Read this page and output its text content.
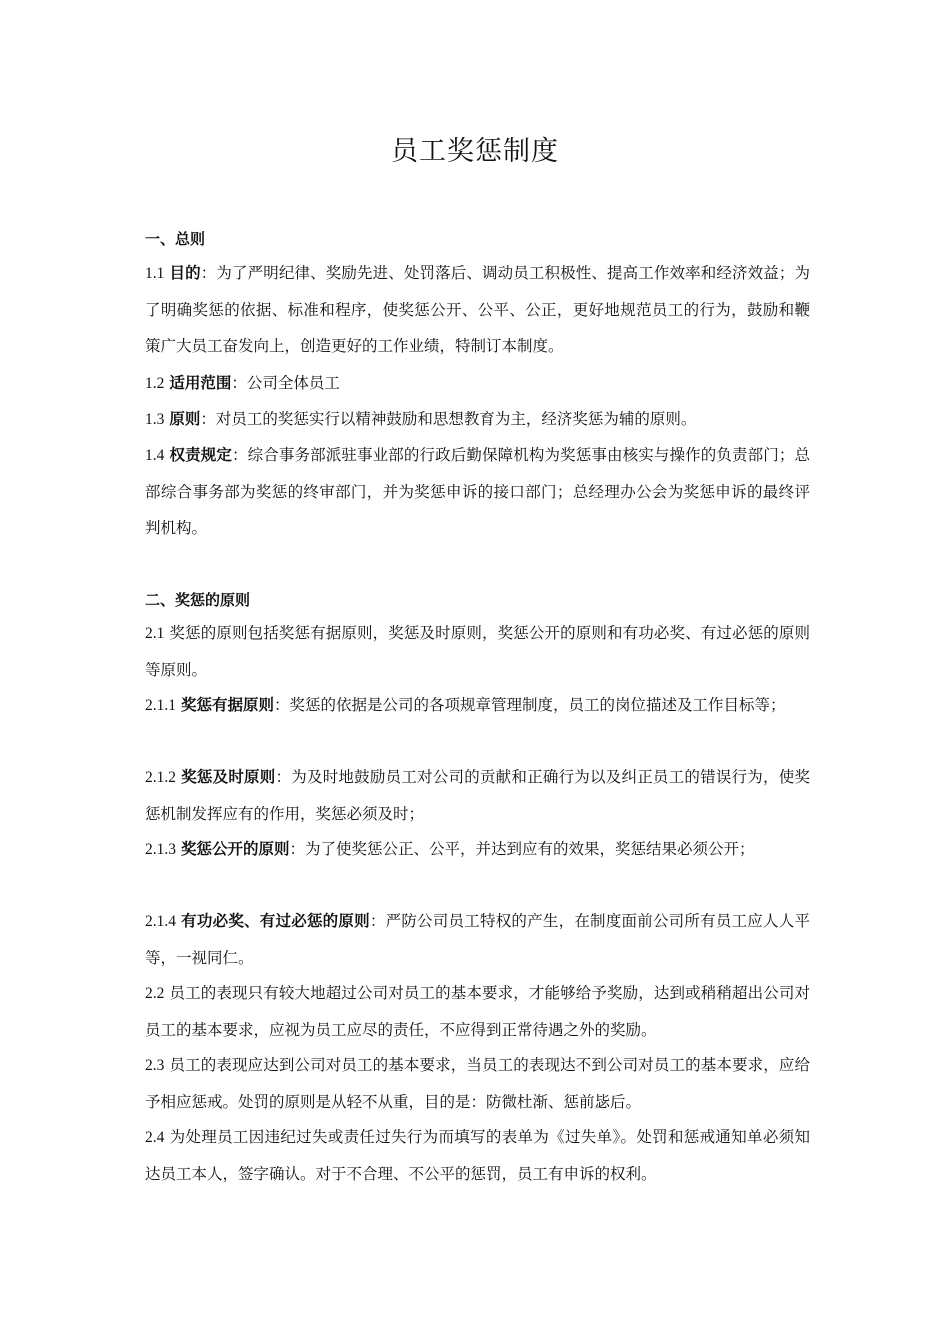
员工奖惩制度
一、总则

1.1 目的：为了严明纪律、奖励先进、处罚落后、调动员工积极性、提高工作效率和经济效益；为了明确奖惩的依据、标准和程序，使奖惩公开、公平、公正，更好地规范员工的行为，鼓励和鞭策广大员工奋发向上，创造更好的工作业绩，特制订本制度。

1.2 适用范围：公司全体员工

1.3 原则：对员工的奖惩实行以精神鼓励和思想教育为主，经济奖惩为辅的原则。

1.4 权责规定：综合事务部派驻事业部的行政后勤保障机构为奖惩事由核实与操作的负责部门；总部综合事务部为奖惩的终审部门，并为奖惩申诉的接口部门；总经理办公会为奖惩申诉的最终评判机构。

二、奖惩的原则

2.1 奖惩的原则包括奖惩有据原则，奖惩及时原则，奖惩公开的原则和有功必奖、有过必惩的原则等原则。

2.1.1 奖惩有据原则：奖惩的依据是公司的各项规章管理制度，员工的岗位描述及工作目标等；

2.1.2 奖惩及时原则：为及时地鼓励员工对公司的贡献和正确行为以及纠正员工的错误行为，使奖惩机制发挥应有的作用，奖惩必须及时；

2.1.3 奖惩公开的原则：为了使奖惩公正、公平，并达到应有的效果，奖惩结果必须公开；

2.1.4 有功必奖、有过必惩的原则：严防公司员工特权的产生，在制度面前公司所有员工应人人平等，一视同仁。

2.2 员工的表现只有较大地超过公司对员工的基本要求，才能够给予奖励，达到或稍稍超出公司对员工的基本要求，应视为员工应尽的责任，不应得到正常待遇之外的奖励。

2.3 员工的表现应达到公司对员工的基本要求，当员工的表现达不到公司对员工的基本要求，应给予相应惩戒。处罚的原则是从轻不从重，目的是：防微杜渐、惩前毖后。

2.4 为处理员工因违纪过失或责任过失行为而填写的表单为《过失单》。处罚和惩戒通知单必须知达员工本人，签字确认。对于不合理、不公平的惩罚，员工有申诉的权利。
